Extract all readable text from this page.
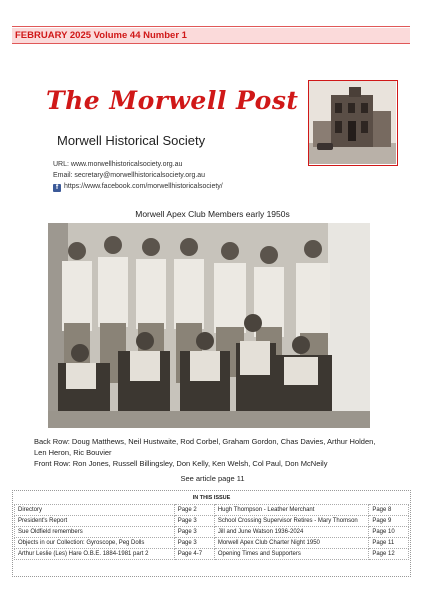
FEBRUARY 2025 Volume 44 Number 1
The Morwell Post
Morwell Historical Society
URL: www.morwellhistoricalsociety.org.au
Email: secretary@morwellhistoricalsociety.org.au
f https://www.facebook.com/morwellhistoricalsociety/
Morwell Apex Club Members early 1950s
Back Row: Doug Matthews, Neil Hustwaite, Rod Corbel, Graham Gordon, Chas Davies, Arthur Holden,
Len Heron, Ric Bouvier
Front Row: Ron Jones, Russell Billingsley, Don Kelly, Ken Welsh, Col Paul, Don McNeily
See article page 11
IN THIS ISSUE
Directory	Page 2	Hugh Thompson - Leather Merchant	Page 8
President's Report	Page 3	School Crossing Supervisor Retires - Mary Thomson	Page 9
Sue Oldfield remembers	Page 3	Jill and June Watson 1936-2024	Page 10
Objects in our Collection: Gyroscope, Peg Dolls	Page 3	Morwell Apex Club Charter Night 1950	Page 11
Arthur Leslie (Les) Hare O.B.E. 1884-1981 part 2	Page 4-7	Opening Times and Supporters	Page 12
